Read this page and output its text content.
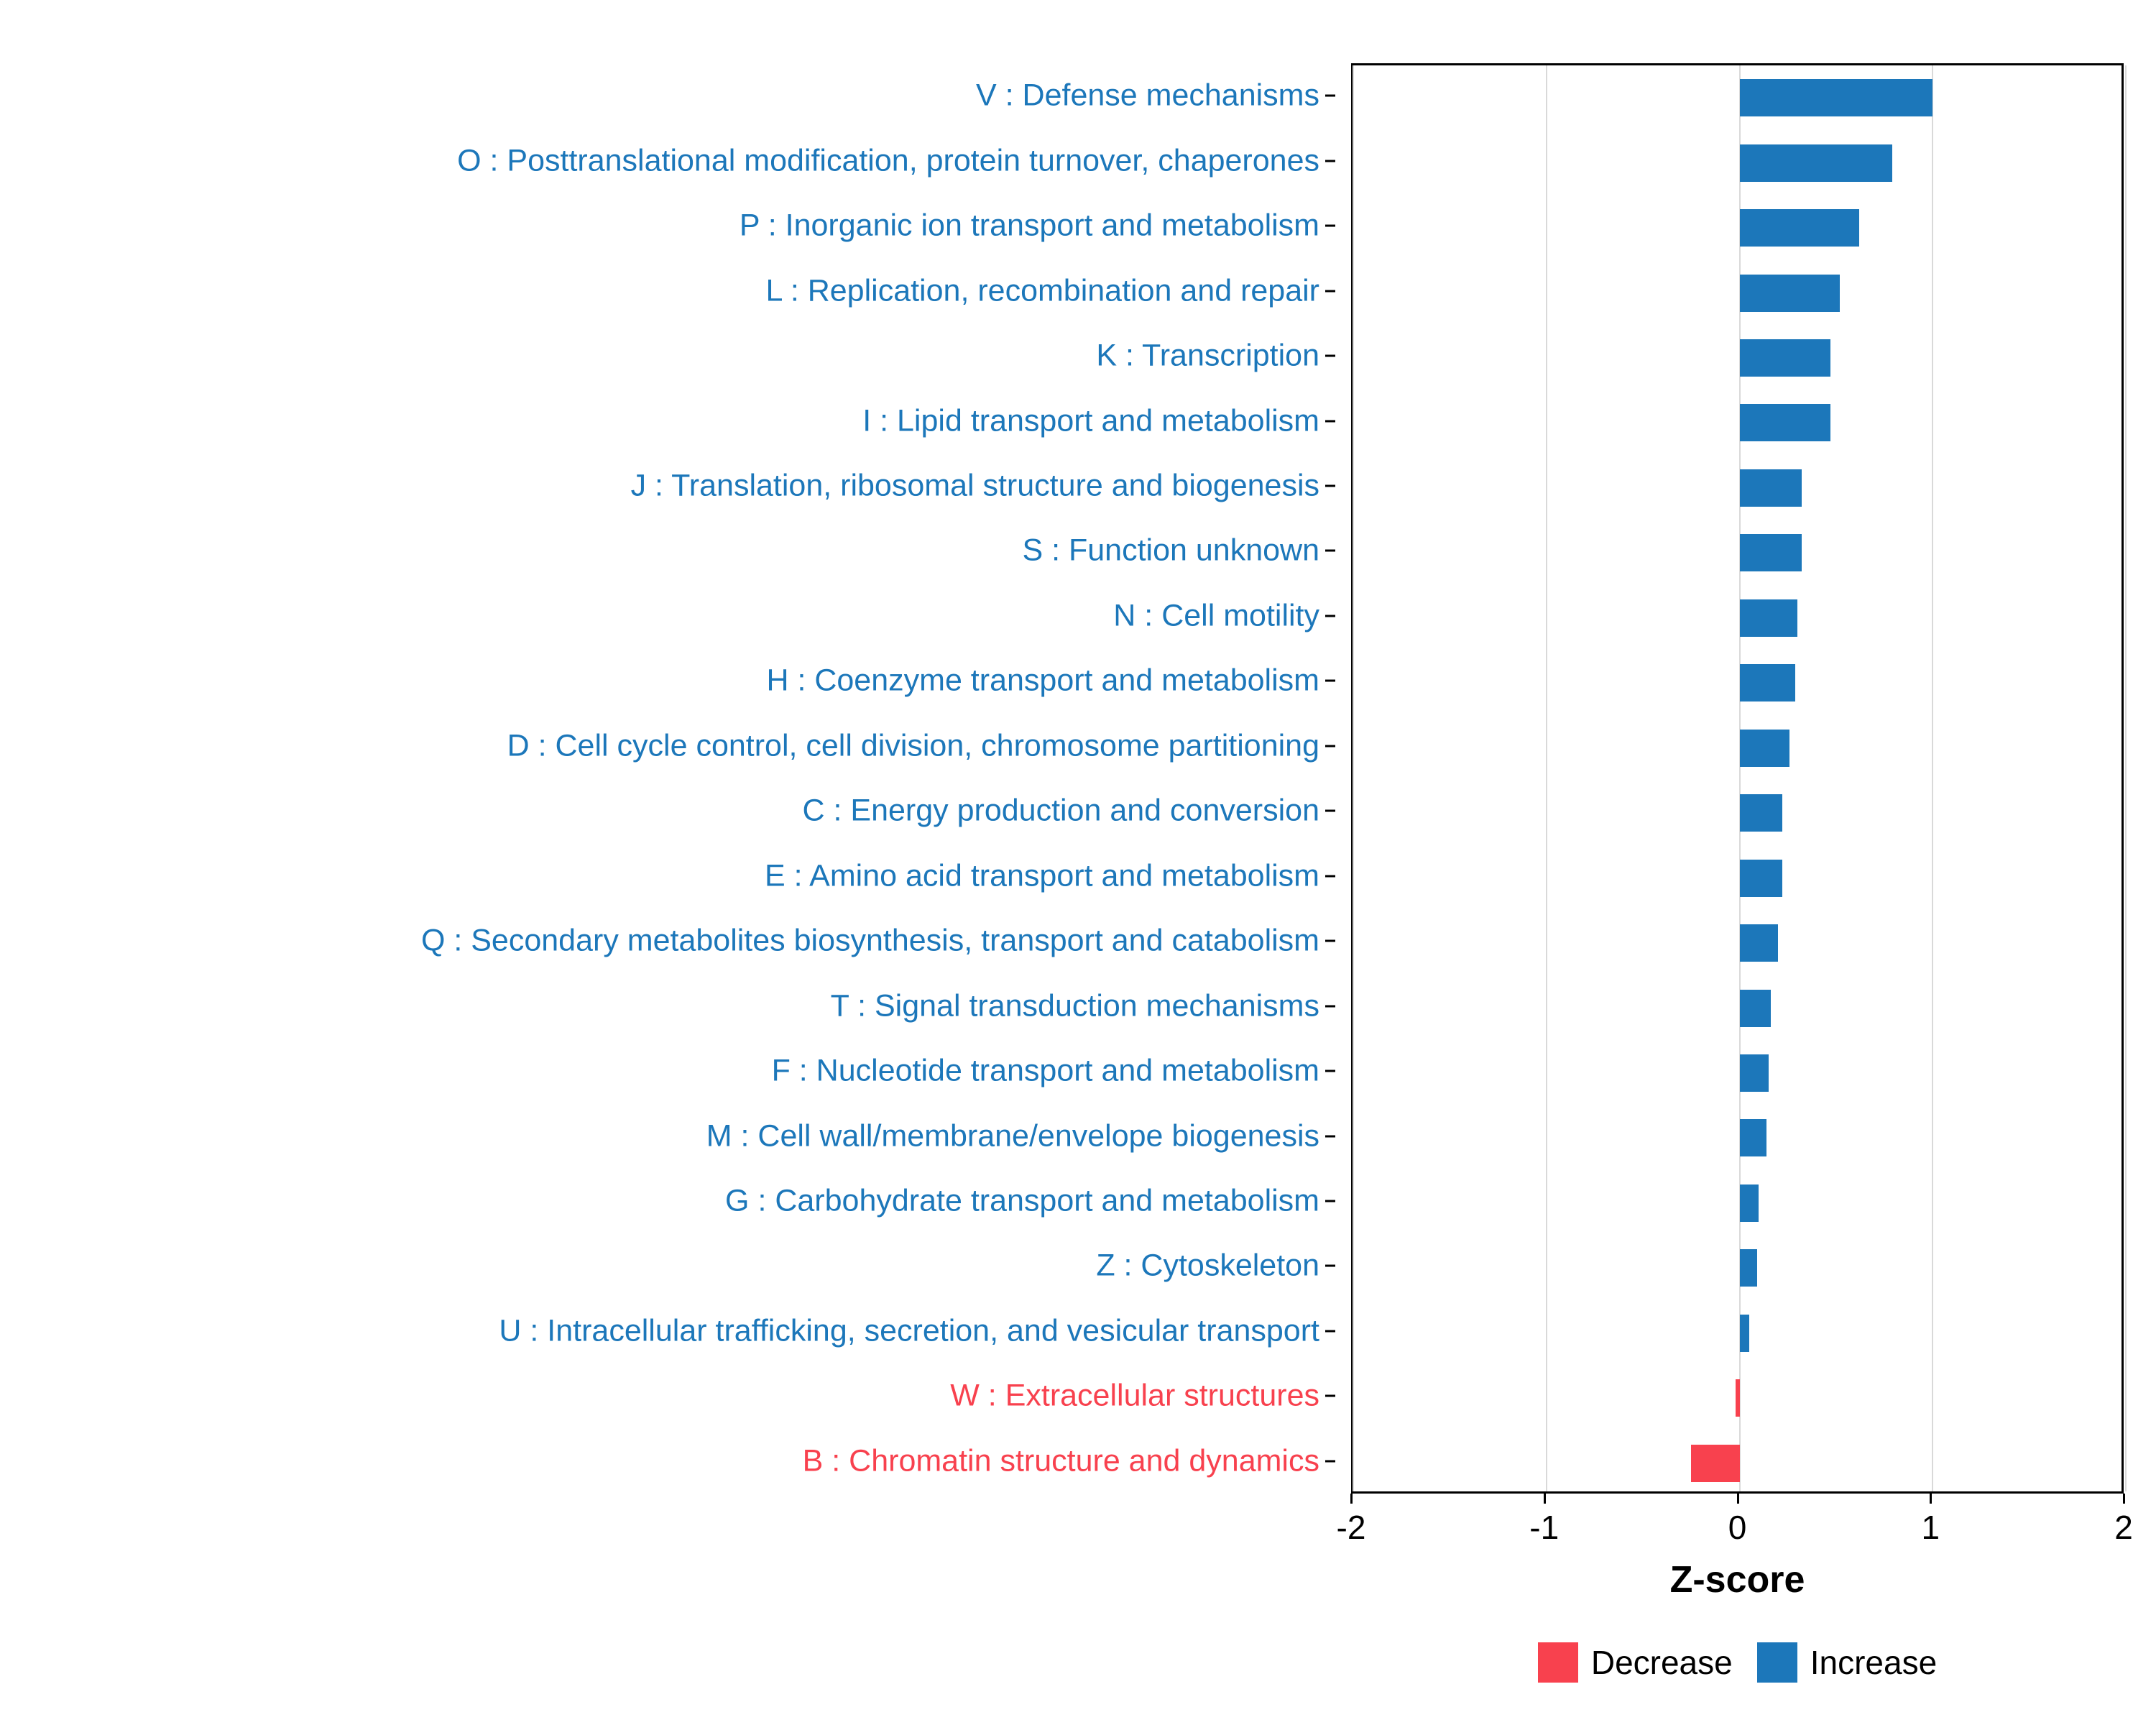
V : Defense mechanisms
O : Posttranslational modification, protein turnover, chaperones
P : Inorganic ion transport and metabolism
L : Replication, recombination and repair
K : Transcription
I : Lipid transport and metabolism
J : Translation, ribosomal structure and biogenesis
S : Function unknown
N : Cell motility
H : Coenzyme transport and metabolism
D : Cell cycle control, cell division, chromosome partitioning
C : Energy production and conversion
E : Amino acid transport and metabolism
Q : Secondary metabolites biosynthesis, transport and catabolism
T : Signal transduction mechanisms
F : Nucleotide transport and metabolism
M : Cell wall/membrane/envelope biogenesis
G : Carbohydrate transport and metabolism
Z : Cytoskeleton
U : Intracellular trafficking, secretion, and vesicular transport
W : Extracellular structures
B : Chromatin structure and dynamics
Z-score
Decrease Increase
-2	-1	0	1	2
